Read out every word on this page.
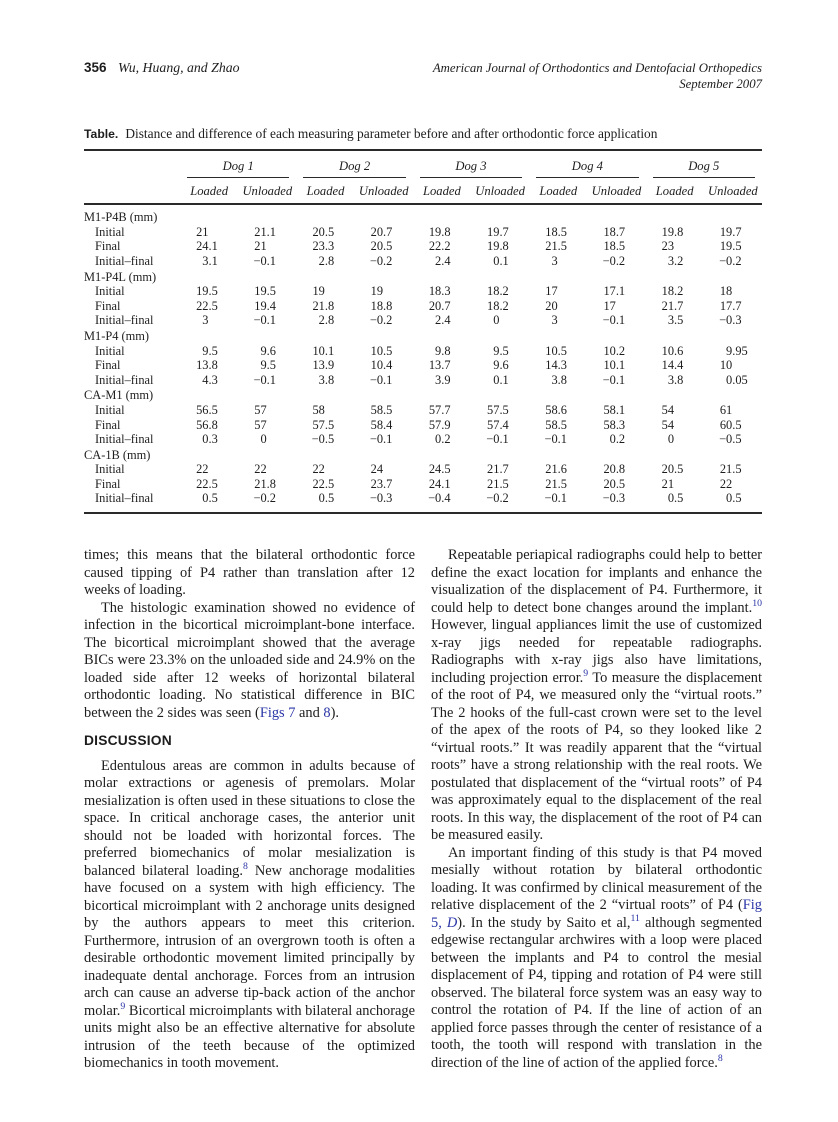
356 Wu, Huang, and Zhao	American Journal of Orthodontics and Dentofacial Orthopedics
September 2007
Table. Distance and difference of each measuring parameter before and after orthodontic force application

	Dog 1		Dog 2		Dog 3		Dog 4		Dog 5	

	Loaded	Unloaded	Loaded	Unloaded	Loaded	Unloaded	Loaded	Unloaded	Loaded	Unloaded
M1-P4B (mm)										
Initial	21	21 .1	20 .5	20 .7	19 .8	19 .7	18 .5	18 .7	19 .8	19 .7

Final	24 .1	21	23 .3	20 .5	22 .2	19 .8	21 .5	18 .5	23	19 .5

Initial–final	3 .1	−0 .1	2 .8	−0 .2	2 .4	0 .1	3	−0 .2	3 .2	−0 .2

M1-P4L (mm)										
Initial	19 .5	19 .5	19	19	18 .3	18 .2	17	17 .1	18 .2	18

Final	22 .5	19 .4	21 .8	18 .8	20 .7	18 .2	20	17	21 .7	17 .7

Initial–final	3	−0 .1	2 .8	−0 .2	2 .4	0	3	−0 .1	3 .5	−0 .3

M1-P4 (mm)										
Initial	9 .5	9 .6	10 .1	10 .5	9 .8	9 .5	10 .5	10 .2	10 .6	9 .95

Final	13 .8	9 .5	13 .9	10 .4	13 .7	9 .6	14 .3	10 .1	14 .4	10

Initial–final	4 .3	−0 .1	3 .8	−0 .1	3 .9	0 .1	3 .8	−0 .1	3 .8	0 .05

CA-M1 (mm)										
Initial	56 .5	57	58	58 .5	57 .7	57 .5	58 .6	58 .1	54	61

Final	56 .8	57	57 .5	58 .4	57 .9	57 .4	58 .5	58 .3	54	60 .5

Initial–final	0 .3	0	−0 .5	−0 .1	0 .2	−0 .1	−0 .1	0 .2	0	−0 .5

CA-1B (mm)										
Initial	22	22	22	24	24 .5	21 .7	21 .6	20 .8	20 .5	21 .5

Final	22 .5	21 .8	22 .5	23 .7	24 .1	21 .5	21 .5	20 .5	21	22

Initial–final	0 .5	−0 .2	0 .5	−0 .3	−0 .4	−0 .2	−0 .1	−0 .3	0 .5	0 .5

times; this means that the bilateral orthodontic force caused tipping of P4 rather than translation after 12 weeks of loading.

The histologic examination showed no evidence of infection in the bicortical microimplant-bone interface. The bicortical microimplant showed that the average BICs were 23.3% on the unloaded side and 24.9% on the loaded side after 12 weeks of horizontal bilateral orthodontic loading. No statistical difference in BIC between the 2 sides was seen (Figs 7 and 8).

DISCUSSION

Edentulous areas are common in adults because of molar extractions or agenesis of premolars. Molar mesialization is often used in these situations to close the space. In critical anchorage cases, the anterior unit should not be loaded with horizontal forces. The preferred biomechanics of molar mesialization is balanced bilateral loading.$^8$ New anchorage modalities have focused on a system with high efficiency. The bicortical microimplant with 2 anchorage units designed by the authors appears to meet this criterion. Furthermore, intrusion of an overgrown tooth is often a desirable orthodontic movement limited principally by inadequate dental anchorage. Forces from an intrusion arch can cause an adverse tip-back action of the anchor molar.$^9$ Bicortical microimplants with bilateral anchorage units might also be an effective alternative for absolute intrusion of the teeth because of the optimized biomechanics in tooth movement.

Repeatable periapical radiographs could help to better define the exact location for implants and enhance the visualization of the displacement of P4. Furthermore, it could help to detect bone changes around the implant.$^{10}$ However, lingual appliances limit the use of customized x-ray jigs needed for repeatable radiographs. Radiographs with x-ray jigs also have limitations, including projection error.$^9$ To measure the displacement of the root of P4, we measured only the “virtual roots.” The 2 hooks of the full-cast crown were set to the level of the apex of the roots of P4, so they looked like 2 “virtual roots.” It was readily apparent that the “virtual roots” have a strong relationship with the real roots. We postulated that displacement of the “virtual roots” of P4 was approximately equal to the displacement of the real roots. In this way, the displacement of the root of P4 can be measured easily.

An important finding of this study is that P4 moved mesially without rotation by bilateral orthodontic loading. It was confirmed by clinical measurement of the relative displacement of the 2 “virtual roots” of P4 (Fig 5, D). In the study by Saito et al,$^{11}$ although segmented edgewise rectangular archwires with a loop were placed between the implants and P4 to control the mesial displacement of P4, tipping and rotation of P4 were still observed. The bilateral force system was an easy way to control the rotation of P4. If the line of action of an applied force passes through the center of resistance of a tooth, the tooth will respond with translation in the direction of the line of action of the applied force.$^8$
